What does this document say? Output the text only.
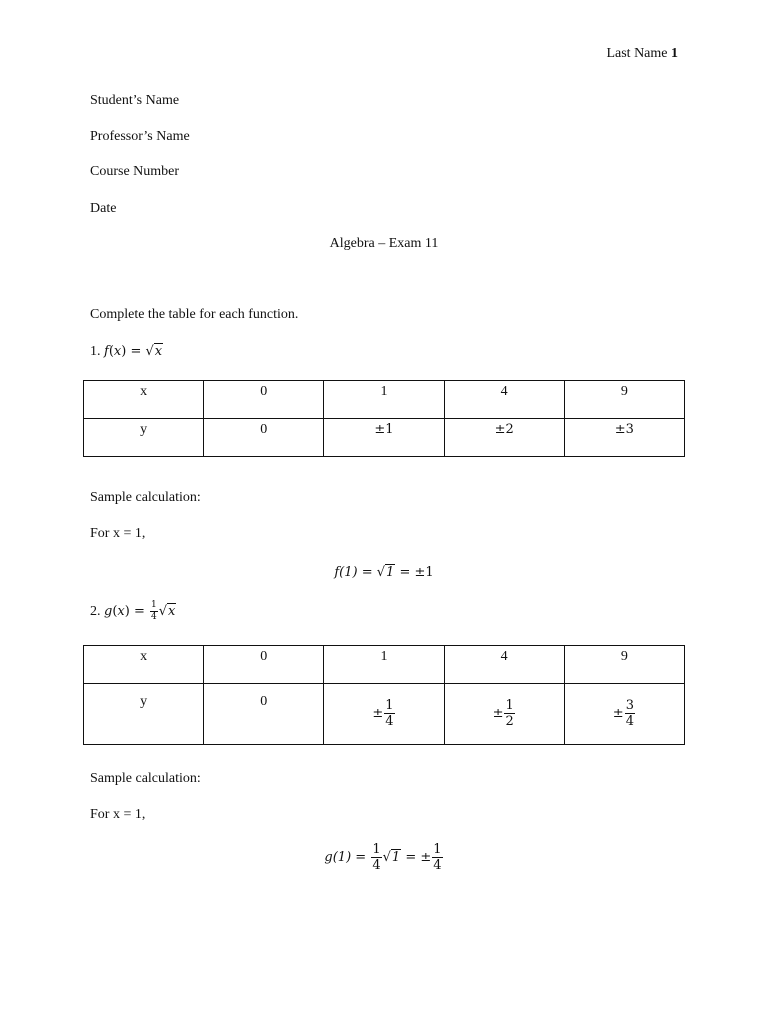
Last Name 1
Student’s Name
Professor’s Name
Course Number
Date
Algebra – Exam 11
Complete the table for each function.
1. f(x) = √x
x	0	1	4	9
y	0	±1	±2	±3
Sample calculation:
For x = 1,
f(1) = √1 = ±1
2. $g(x) = \frac{1}{4} √x$
x	0	1	4	9
y	0	± $\frac{1}{4}$	± $\frac{1}{2}$	± $\frac{3}{4}$
Sample calculation:
For x = 1,
$g(1) = \frac{1}{4} √1$ = ± $\frac{1}{4}$
